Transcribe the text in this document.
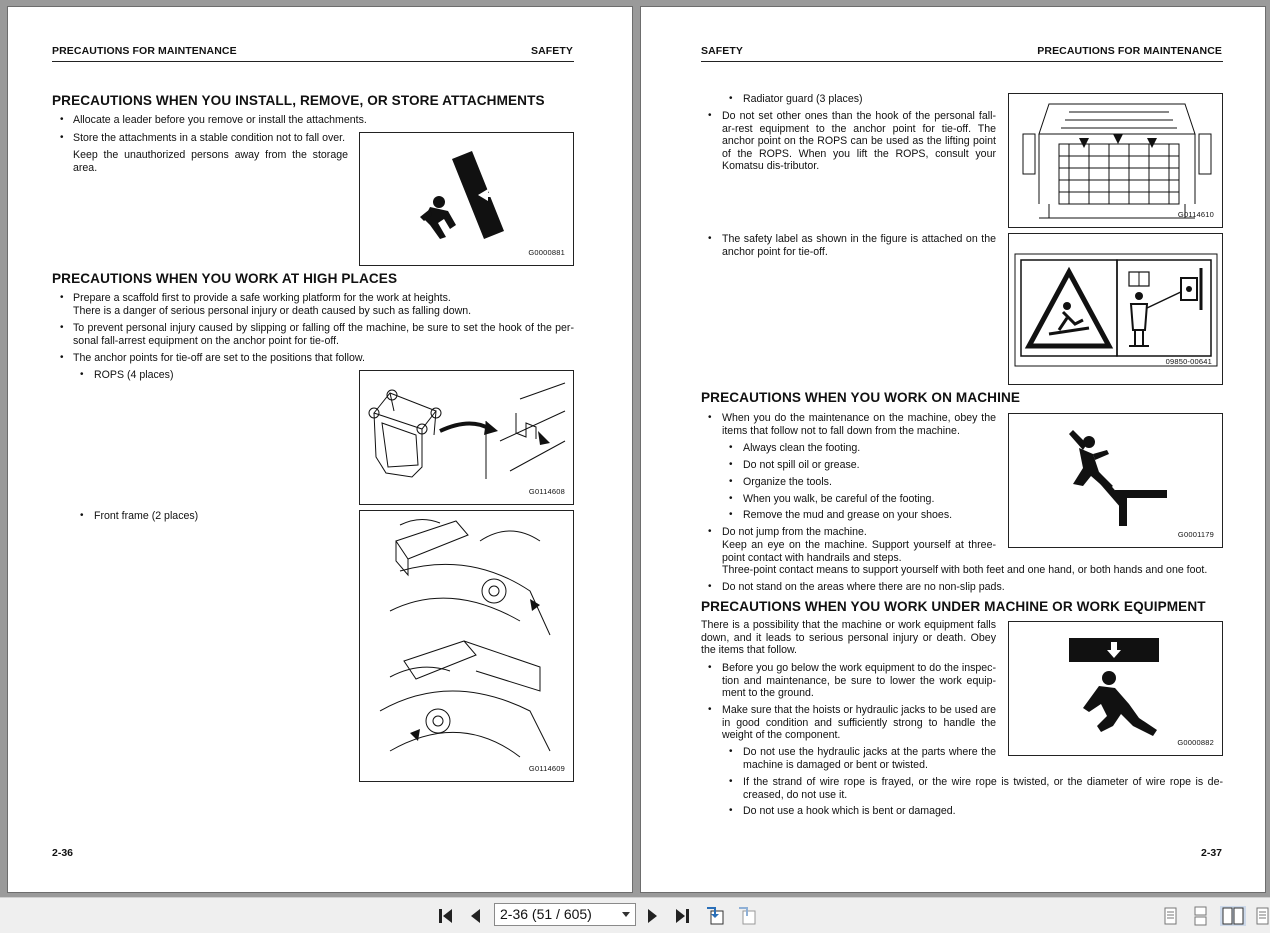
PRECAUTIONS FOR MAINTENANCE	SAFETY
PRECAUTIONS WHEN YOU INSTALL, REMOVE, OR STORE ATTACHMENTS
• Allocate a leader before you remove or install the attachments.
• Store the attachments in a stable condition not to fall over.
Keep the unauthorized persons away from the storage area.
G0000881
PRECAUTIONS WHEN YOU WORK AT HIGH PLACES
• Prepare a scaffold first to provide a safe working platform for the work at heights.
There is a danger of serious personal injury or death caused by such as falling down.
• To prevent personal injury caused by slipping or falling off the machine, be sure to set the hook of the per-sonal fall-arrest equipment on the anchor point for tie-off.
• The anchor points for tie-off are set to the positions that follow.
• ROPS (4 places)
G0114608
• Front frame (2 places)
G0114609
2-36
SAFETY	PRECAUTIONS FOR MAINTENANCE
• Radiator guard (3 places)
• Do not set other ones than the hook of the personal fall-ar-rest equipment to the anchor point for tie-off. The anchor point on the ROPS can be used as the lifting point of the ROPS. When you lift the ROPS, consult your Komatsu dis-tributor.
G0114610
• The safety label as shown in the figure is attached on the anchor point for tie-off.
09850-00641
PRECAUTIONS WHEN YOU WORK ON MACHINE
• When you do the maintenance on the machine, obey the items that follow not to fall down from the machine.
• Always clean the footing.
• Do not spill oil or grease.
• Organize the tools.
• When you walk, be careful of the footing.
• Remove the mud and grease on your shoes.
• Do not jump from the machine.
Keep an eye on the machine. Support yourself at three-point contact with handrails and steps.
Three-point contact means to support yourself with both feet and one hand, or both hands and one foot.
• Do not stand on the areas where there are no non-slip pads.
G0001179
PRECAUTIONS WHEN YOU WORK UNDER MACHINE OR WORK EQUIPMENT
There is a possibility that the machine or work equipment falls down, and it leads to serious personal injury or death. Obey the items that follow.
• Before you go below the work equipment to do the inspec-tion and maintenance, be sure to lower the work equip-ment to the ground.
• Make sure that the hoists or hydraulic jacks to be used are in good condition and sufficiently strong to handle the weight of the component.
• Do not use the hydraulic jacks at the parts where the machine is damaged or bent or twisted.
• If the strand of wire rope is frayed, or the wire rope is twisted, or the diameter of wire rope is de-creased, do not use it.
• Do not use a hook which is bent or damaged.
G0000882
2-37
2-36 (51 / 605)
